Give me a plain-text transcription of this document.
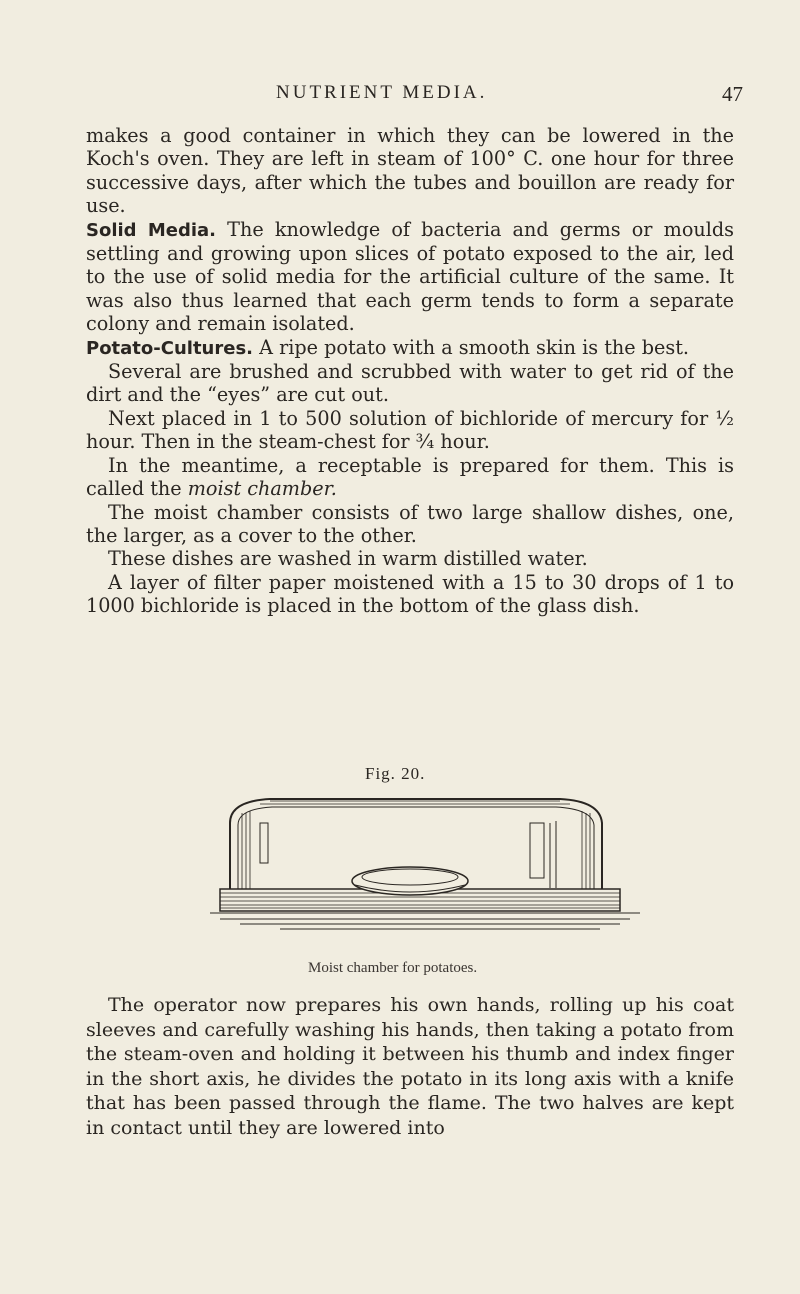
NUTRIENT MEDIA.	47

makes a good container in which they can be lowered in the Koch's oven. They are left in steam of 100° C. one hour for three successive days, after which the tubes and bouillon are ready for use.

Solid Media. The knowledge of bacteria and germs or moulds settling and growing upon slices of potato exposed to the air, led to the use of solid media for the artificial culture of the same. It was also thus learned that each germ tends to form a separate colony and remain isolated.

Potato-Cultures. A ripe potato with a smooth skin is the best.

Several are brushed and scrubbed with water to get rid of the dirt and the “eyes” are cut out.

Next placed in 1 to 500 solution of bichloride of mercury for ½ hour. Then in the steam-chest for ¾ hour.

In the meantime, a receptable is prepared for them. This is called the moist chamber.

The moist chamber consists of two large shallow dishes, one, the larger, as a cover to the other.

These dishes are washed in warm distilled water.

A layer of filter paper moistened with a 15 to 30 drops of 1 to 1000 bichloride is placed in the bottom of the glass dish.

Fig. 20.
Moist chamber for potatoes.

The operator now prepares his own hands, rolling up his coat sleeves and carefully washing his hands, then taking a potato from the steam-oven and holding it between his thumb and index finger in the short axis, he divides the potato in its long axis with a knife that has been passed through the flame. The two halves are kept in contact until they are lowered into
